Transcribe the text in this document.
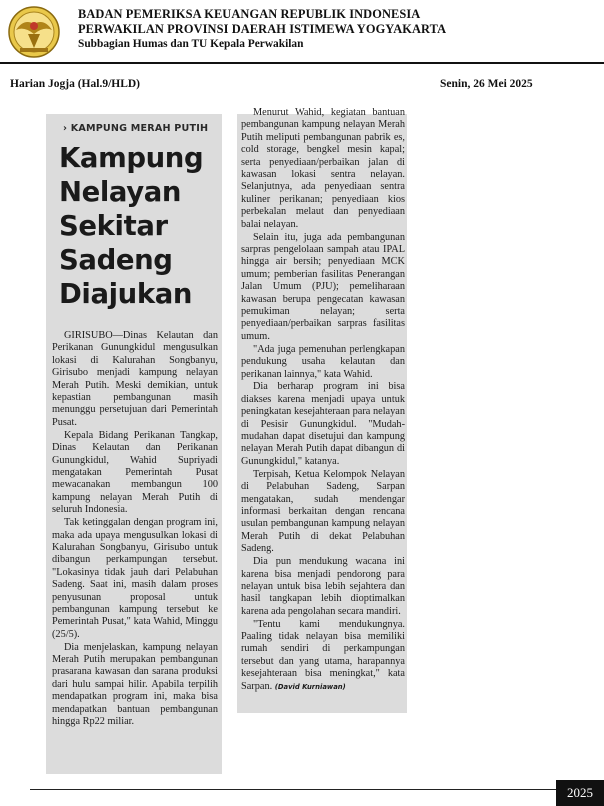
BADAN PEMERIKSA KEUANGAN REPUBLIK INDONESIA
PERWAKILAN PROVINSI DAERAH ISTIMEWA YOGYAKARTA
Subbagian Humas dan TU Kepala Perwakilan
Harian Jogja (Hal.9/HLD)	Senin, 26 Mei 2025
› KAMPUNG MERAH PUTIH
Kampung
Nelayan
Sekitar
Sadeng
Diajukan

GIRISUBO—Dinas Kelautan dan Perikanan Gunungkidul mengusulkan lokasi di Kalurahan Songbanyu, Girisubo menjadi kampung nelayan Merah Putih. Meski demikian, untuk kepastian pembangunan masih menunggu persetujuan dari Pemerintah Pusat.

Kepala Bidang Perikanan Tangkap, Dinas Kelautan dan Perikanan Gunungkidul, Wahid Supriyadi mengatakan Pemerintah Pusat mewacanakan membangun 100 kampung nelayan Merah Putih di seluruh Indonesia.

Tak ketinggalan dengan program ini, maka ada upaya mengusulkan lokasi di Kalurahan Songbanyu, Girisubo untuk dibangun perkampungan tersebut. "Lokasinya tidak jauh dari Pelabuhan Sadeng. Saat ini, masih dalam proses penyusunan proposal untuk pembangunan kampung tersebut ke Pemerintah Pusat," kata Wahid, Minggu (25/5).

Dia menjelaskan, kampung nelayan Merah Putih merupakan pembangunan prasarana kawasan dan sarana produksi dari hulu sampai hilir. Apabila terpilih mendapatkan program ini, maka bisa mendapatkan bantuan pembangunan hingga Rp22 miliar.

Menurut Wahid, kegiatan bantuan pembangunan kampung nelayan Merah Putih meliputi pembangunan pabrik es, cold storage, bengkel mesin kapal; serta penyediaan/perbaikan jalan di kawasan lokasi sentra nelayan. Selanjutnya, ada penyediaan sentra kuliner perikanan; penyediaan kios perbekalan melaut dan penyediaan balai nelayan.

Selain itu, juga ada pembangunan sarpras pengelolaan sampah atau IPAL hingga air bersih; penyediaan MCK umum; pemberian fasilitas Penerangan Jalan Umum (PJU); pemeliharaan kawasan berupa pengecatan kawasan pemukiman nelayan; serta penyediaan/perbaikan sarpras fasilitas umum.

"Ada juga pemenuhan perlengkapan pendukung usaha kelautan dan perikanan lainnya," kata Wahid.

Dia berharap program ini bisa diakses karena menjadi upaya untuk peningkatan kesejahteraan para nelayan di Pesisir Gunungkidul. "Mudah-mudahan dapat disetujui dan kampung nelayan Merah Putih dapat dibangun di Gunungkidul," katanya.

Terpisah, Ketua Kelompok Nelayan di Pelabuhan Sadeng, Sarpan mengatakan, sudah mendengar informasi berkaitan dengan rencana usulan pembangunan kampung nelayan Merah Putih di dekat Pelabuhan Sadeng.

Dia pun mendukung wacana ini karena bisa menjadi pendorong para nelayan untuk bisa lebih sejahtera dan hasil tangkapan lebih dioptimalkan karena ada pengolahan secara mandiri.

"Tentu kami mendukungnya. Paaling tidak nelayan bisa memiliki rumah sendiri di perkampungan tersebut dan yang utama, harapannya kesejahteraan bisa meningkat," kata Sarpan. (David Kurniawan)

2025
